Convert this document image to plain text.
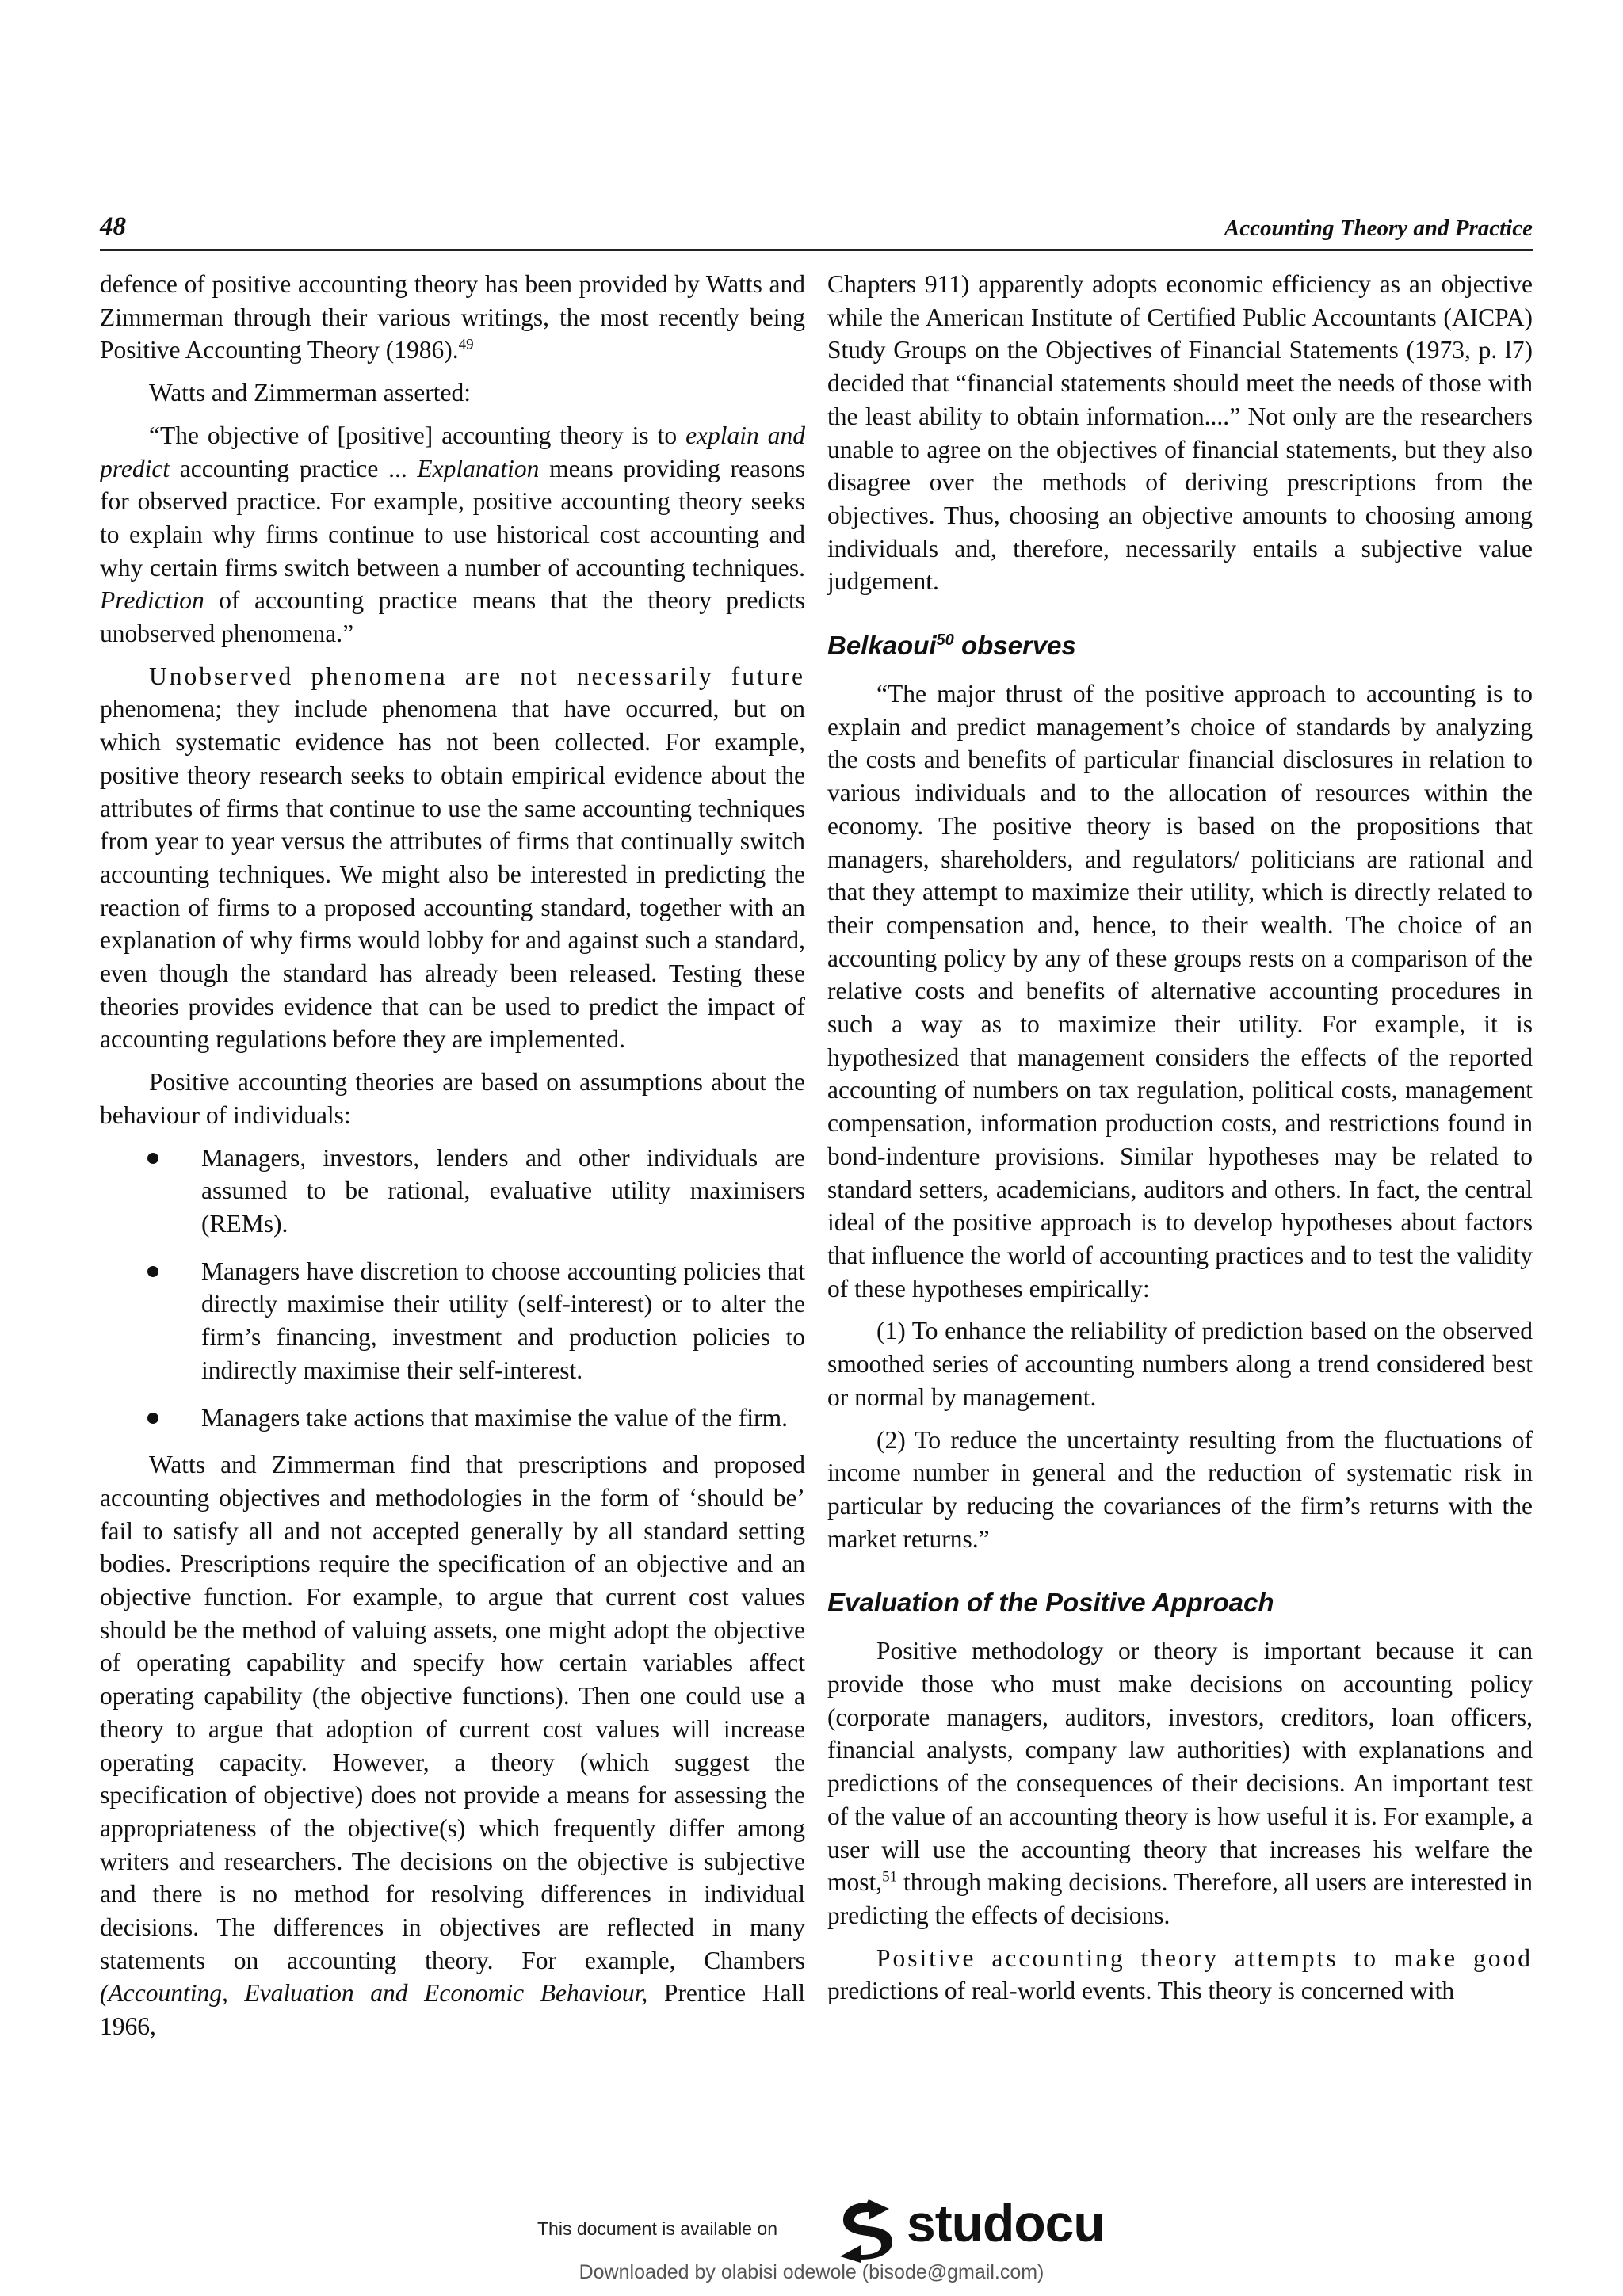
48	Accounting Theory and Practice

defence of positive accounting theory has been provided by Watts and Zimmerman through their various writings, the most recently being Positive Accounting Theory (1986).$^{49}$

Watts and Zimmerman asserted:

“The objective of [positive] accounting theory is to explain and predict accounting practice ... Explanation means providing reasons for observed practice. For example, positive accounting theory seeks to explain why firms continue to use historical cost accounting and why certain firms switch between a number of accounting techniques. Prediction of accounting practice means that the theory predicts unobserved phenomena.”

Unobserved phenomena are not necessarily future phenomena; they include phenomena that have occurred, but on which systematic evidence has not been collected. For example, positive theory research seeks to obtain empirical evidence about the attributes of firms that continue to use the same accounting techniques from year to year versus the attributes of firms that continually switch accounting techniques. We might also be interested in predicting the reaction of firms to a proposed accounting standard, together with an explanation of why firms would lobby for and against such a standard, even though the standard has already been released. Testing these theories provides evidence that can be used to predict the impact of accounting regulations before they are implemented.

Positive accounting theories are based on assumptions about the behaviour of individuals:

Managers, investors, lenders and other individuals are assumed to be rational, evaluative utility maximisers (REMs).
Managers have discretion to choose accounting policies that directly maximise their utility (self-interest) or to alter the firm’s financing, investment and production policies to indirectly maximise their self-interest.
Managers take actions that maximise the value of the firm.

Watts and Zimmerman find that prescriptions and proposed accounting objectives and methodologies in the form of ‘should be’ fail to satisfy all and not accepted generally by all standard setting bodies. Prescriptions require the specification of an objective and an objective function. For example, to argue that current cost values should be the method of valuing assets, one might adopt the objective of operating capability and specify how certain variables affect operating capability (the objective functions). Then one could use a theory to argue that adoption of current cost values will increase operating capacity. However, a theory (which suggest the specification of objective) does not provide a means for assessing the appropriateness of the objective(s) which frequently differ among writers and researchers. The decisions on the objective is subjective and there is no method for resolving differences in individual decisions. The differences in objectives are reflected in many statements on accounting theory. For example, Chambers (Accounting, Evaluation and Economic Behaviour, Prentice Hall 1966,

Chapters 911) apparently adopts economic efficiency as an objective while the American Institute of Certified Public Accountants (AICPA) Study Groups on the Objectives of Financial Statements (1973, p. l7) decided that “financial statements should meet the needs of those with the least ability to obtain information....” Not only are the researchers unable to agree on the objectives of financial statements, but they also disagree over the methods of deriving prescriptions from the objectives. Thus, choosing an objective amounts to choosing among individuals and, therefore, necessarily entails a subjective value judgement.

Belkaoui$^{50}$ observes

“The major thrust of the positive approach to accounting is to explain and predict management’s choice of standards by analyzing the costs and benefits of particular financial disclosures in relation to various individuals and to the allocation of resources within the economy. The positive theory is based on the propositions that managers, shareholders, and regulators/ politicians are rational and that they attempt to maximize their utility, which is directly related to their compensation and, hence, to their wealth. The choice of an accounting policy by any of these groups rests on a comparison of the relative costs and benefits of alternative accounting procedures in such a way as to maximize their utility. For example, it is hypothesized that management considers the effects of the reported accounting of numbers on tax regulation, political costs, management compensation, information production costs, and restrictions found in bond-indenture provisions. Similar hypotheses may be related to standard setters, academicians, auditors and others. In fact, the central ideal of the positive approach is to develop hypotheses about factors that influence the world of accounting practices and to test the validity of these hypotheses empirically:

(1) To enhance the reliability of prediction based on the observed smoothed series of accounting numbers along a trend considered best or normal by management.

(2) To reduce the uncertainty resulting from the fluctuations of income number in general and the reduction of systematic risk in particular by reducing the covariances of the firm’s returns with the market returns.”

Evaluation of the Positive Approach

Positive methodology or theory is important because it can provide those who must make decisions on accounting policy (corporate managers, auditors, investors, creditors, loan officers, financial analysts, company law authorities) with explanations and predictions of the consequences of their decisions. An important test of the value of an accounting theory is how useful it is. For example, a user will use the accounting theory that increases his welfare the most,$^{51}$ through making decisions. Therefore, all users are interested in predicting the effects of decisions.

Positive accounting theory attempts to make good predictions of real-world events. This theory is concerned with

This document is available on studocu
Downloaded by olabisi odewole (bisode@gmail.com)
